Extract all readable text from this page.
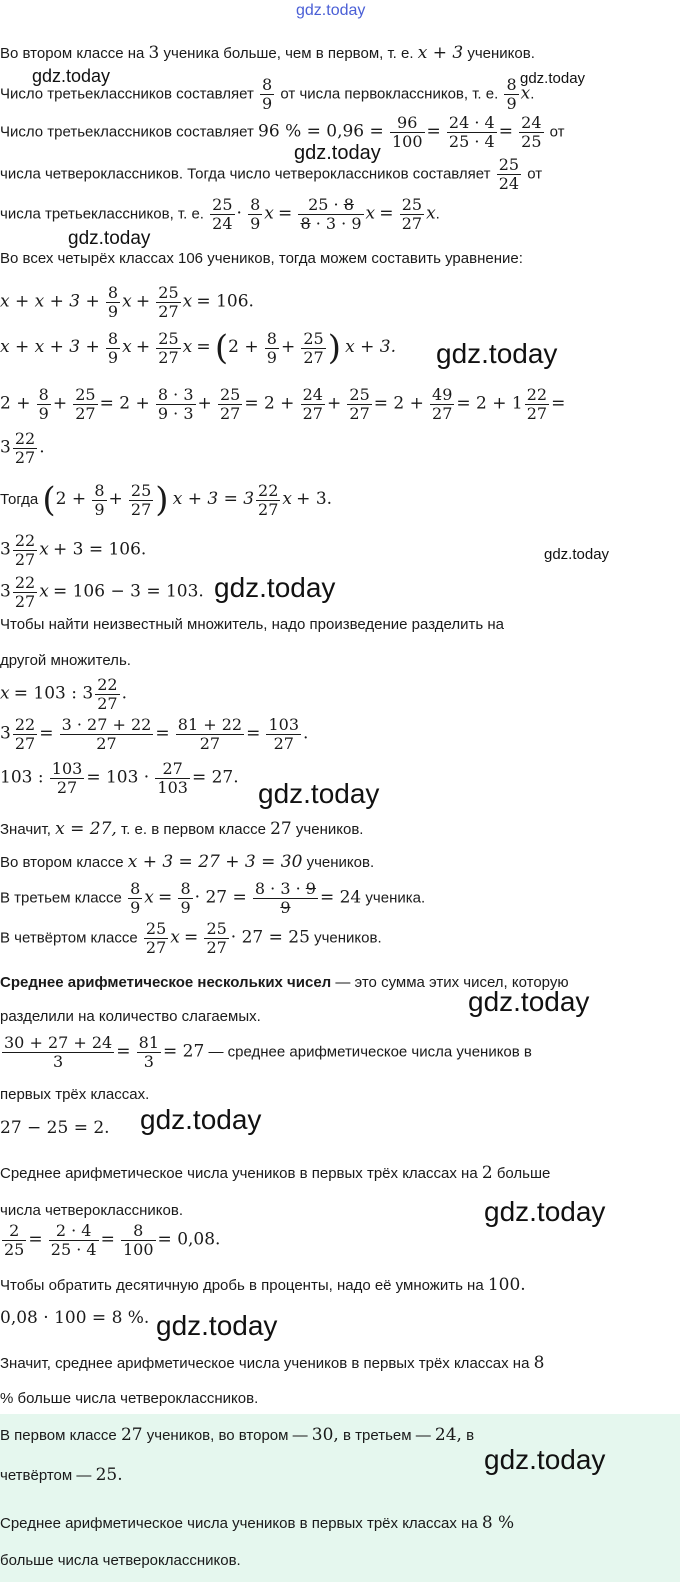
gdz.today
Во втором классе на 3 ученика больше, чем в первом, т. е. x + 3 учеников.
gdz.today	gdz.today
Число третьеклассников составляет $\frac{8}{9}$ от числа первоклассников, т. е. $\frac{8}{9} x$.
Число третьеклассников составляет 96 % = $0,96 = \frac{96}{100} = \frac{24 \cdot 4}{25 \cdot 4} = \frac{24}{25}$ от
gdz.today
числа четвероклассников. Тогда число четвероклассников составляет $\frac{25}{24}$ от
числа третьеклассников, т. е. $\frac{25}{24} \cdot \frac{8}{9}$ $x = \frac{25 \cdot 8}{8 \cdot 3 \cdot 9}$ $x = \frac{25}{27} x$.
gdz.today
Во всех четырёх классах 106 учеников, тогда можем составить уравнение:
$x + x + 3 + \frac{8}{9}$ $x + \frac{25}{27}$ x = 106.
$x + x + 3 + \frac{8}{9}$ $x + \frac{25}{27}$ $x = (2 + \frac{8}{9} + \frac{25}{27}$ ) x + 3. gdz.today
$2 + \frac{8}{9} + \frac{25}{27} = 2 + \frac{8 \cdot 3}{9 \cdot 3} + \frac{25}{27} = 2 + \frac{24}{27} + \frac{25}{27} = 2 + \frac{49}{27} = 2 + 1 \frac{22}{27}$ =
$3 \frac{22}{27}$ .
Тогда ($2 + \frac{8}{9} + \frac{25}{27}$ ) $x + 3 = 3 \frac{22}{27}$ x + 3.
$3 \frac{22}{27}$ x + 3 = 106.	gdz.today
$3 \frac{22}{27}$ x = 106 − 3 = 103. gdz.today
Чтобы найти неизвестный множитель, надо произведение разделить на
другой множитель.
x = 103 : $3 \frac{22}{27}$ .
$3 \frac{22}{27} = \frac{3 \cdot 27 + 22}{27} = \frac{81 + 22}{27} = \frac{103}{27}$ .
103 : $\frac{103}{27} = 103 \cdot \frac{27}{103} = 27$.
gdz.today
Значит, x = 27, т. е. в первом классе 27 учеников.
Во втором классе x + 3 = 27 + 3 = 30 учеников.
В третьем классе $\frac{8}{9}$ $x = \frac{8}{9} \cdot 27 = \frac{8 \cdot 3 \cdot 9}{9} = 24$ ученика.
В четвёртом классе $\frac{25}{27}$ $x = \frac{25}{27} \cdot 27 = 25$ учеников.
Среднее арифметическое нескольких чисел — это сумма этих чисел, которую
разделили на количество слагаемых.	gdz.today
$\frac{30 + 27 + 24}{3} = \frac{81}{3} = 27$ — среднее арифметическое числа учеников в
первых трёх классах.
27 − 25 = 2. gdz.today
Среднее арифметическое числа учеников в первых трёх классах на 2 больше
числа четвероклассников.	gdz.today
$\frac{2}{25} = \frac{2 \cdot 4}{25 \cdot 4} = \frac{8}{100} = 0,08$.
Чтобы обратить десятичную дробь в проценты, надо её умножить на 100.
0,08 · 100 = 8 %. gdz.today
Значит, среднее арифметическое числа учеников в первых трёх классах на 8
% больше числа четвероклассников.
В первом классе 27 учеников, во втором — 30, в третьем — 24, в
четвёртом — 25.	gdz.today
Среднее арифметическое числа учеников в первых трёх классах на 8 %
больше числа четвероклассников.
